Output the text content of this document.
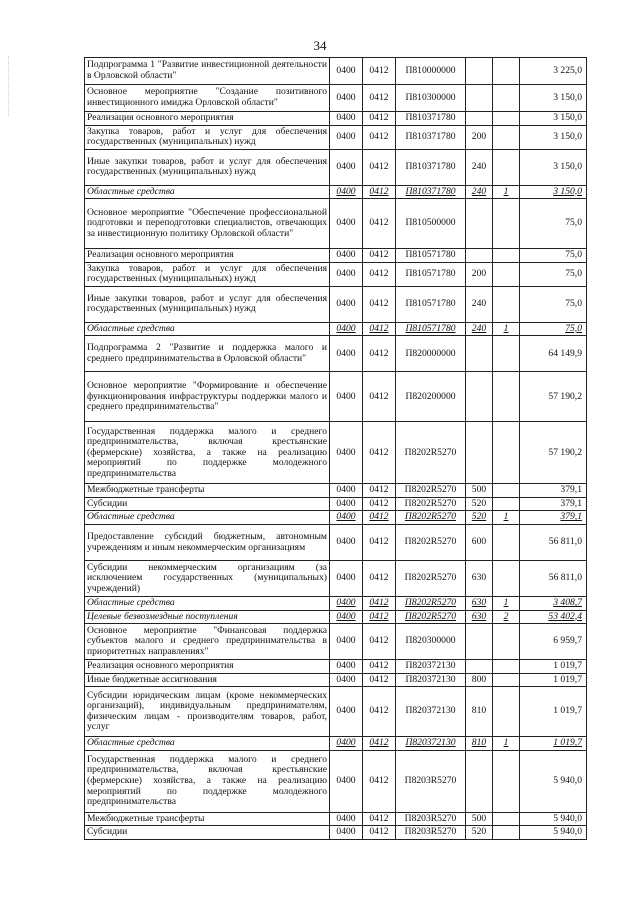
34
Подпрограмма 1 "Развитие инвестиционной деятельности в Орловской области"	0400	0412	П810000000			3 225,0
Основное мероприятие "Создание позитивного инвестиционного имиджа Орловской области"	0400	0412	П810300000			3 150,0
Реализация основного мероприятия	0400	0412	П810371780			3 150,0
Закупка товаров, работ и услуг для обеспечения государственных (муниципальных) нужд	0400	0412	П810371780	200		3 150,0
Иные закупки товаров, работ и услуг для обеспечения государственных (муниципальных) нужд	0400	0412	П810371780	240		3 150,0
Областные средства	0400	0412	П810371780	240	1	3 150,0
Основное мероприятие "Обеспечение профессиональной подготовки и переподготовки специалистов, отвечающих за инвестиционную политику Орловской области"	0400	0412	П810500000			75,0
Реализация основного мероприятия	0400	0412	П810571780			75,0
Закупка товаров, работ и услуг для обеспечения государственных (муниципальных) нужд	0400	0412	П810571780	200		75,0
Иные закупки товаров, работ и услуг для обеспечения государственных (муниципальных) нужд	0400	0412	П810571780	240		75,0
Областные средства	0400	0412	П810571780	240	1	75,0
Подпрограмма 2 "Развитие и поддержка малого и среднего предпринимательства в Орловской области"	0400	0412	П820000000			64 149,9
Основное мероприятие "Формирование и обеспечение функционирования инфраструктуры поддержки малого и среднего предпринимательства"	0400	0412	П820200000			57 190,2
Государственная поддержка малого и среднего предпринимательства, включая крестьянские (фермерские) хозяйства, а также на реализацию мероприятий по поддержке молодежного предпринимательства	0400	0412	П8202R5270			57 190,2
Межбюджетные трансферты	0400	0412	П8202R5270	500		379,1
Субсидии	0400	0412	П8202R5270	520		379,1
Областные средства	0400	0412	П8202R5270	520	1	379,1
Предоставление субсидий бюджетным, автономным учреждениям и иным некоммерческим организациям	0400	0412	П8202R5270	600		56 811,0
Субсидии некоммерческим организациям (за исключением государственных (муниципальных) учреждений)	0400	0412	П8202R5270	630		56 811,0
Областные средства	0400	0412	П8202R5270	630	1	3 408,7
Целевые безвозмездные поступления	0400	0412	П8202R5270	630	2	53 402,4
Основное мероприятие "Финансовая поддержка субъектов малого и среднего предпринимательства в приоритетных направлениях"	0400	0412	П820300000			6 959,7
Реализация основного мероприятия	0400	0412	П820372130			1 019,7
Иные бюджетные ассигнования	0400	0412	П820372130	800		1 019,7
Субсидии юридическим лицам (кроме некоммерческих организаций), индивидуальным предпринимателям, физическим лицам - производителям товаров, работ, услуг	0400	0412	П820372130	810		1 019,7
Областные средства	0400	0412	П820372130	810	1	1 019,7
Государственная поддержка малого и среднего предпринимательства, включая крестьянские (фермерские) хозяйства, а также на реализацию мероприятий по поддержке молодежного предпринимательства	0400	0412	П8203R5270			5 940,0
Межбюджетные трансферты	0400	0412	П8203R5270	500		5 940,0
Субсидии	0400	0412	П8203R5270	520		5 940,0
